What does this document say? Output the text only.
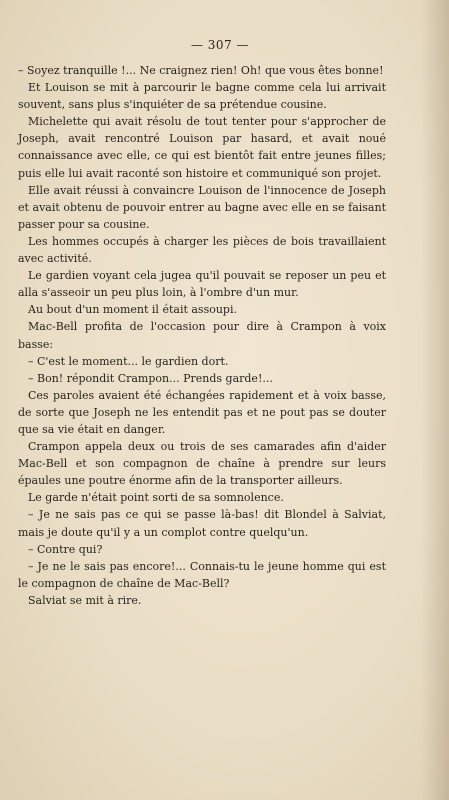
— 307 —

– Soyez tranquille !... Ne craignez rien! Oh! que vous êtes bonne!

Et Louison se mit à parcourir le bagne comme cela lui arrivait souvent, sans plus s'inquiéter de sa prétendue cousine.

Michelette qui avait résolu de tout tenter pour s'approcher de Joseph, avait rencontré Louison par hasard, et avait noué connaissance avec elle, ce qui est bientôt fait entre jeunes filles; puis elle lui avait raconté son histoire et communiqué son projet.

Elle avait réussi à convaincre Louison de l'innocence de Joseph et avait obtenu de pouvoir entrer au bagne avec elle en se faisant passer pour sa cousine.

Les hommes occupés à charger les pièces de bois travaillaient avec activité.

Le gardien voyant cela jugea qu'il pouvait se reposer un peu et alla s'asseoir un peu plus loin, à l'ombre d'un mur.

Au bout d'un moment il était assoupi.

Mac-Bell profita de l'occasion pour dire à Crampon à voix basse:

– C'est le moment... le gardien dort.

– Bon! répondit Crampon... Prends garde!...

Ces paroles avaient été échangées rapidement et à voix basse, de sorte que Joseph ne les entendit pas et ne pout pas se douter que sa vie était en danger.

Crampon appela deux ou trois de ses camarades afin d'aider Mac-Bell et son compagnon de chaîne à prendre sur leurs épaules une poutre énorme afin de la transporter ailleurs.

Le garde n'était point sorti de sa somnolence.

– Je ne sais pas ce qui se passe là-bas! dit Blondel à Salviat, mais je doute qu'il y a un complot contre quelqu'un.

– Contre qui?

– Je ne le sais pas encore!... Connais-tu le jeune homme qui est le compagnon de chaîne de Mac-Bell?

Salviat se mit à rire.
